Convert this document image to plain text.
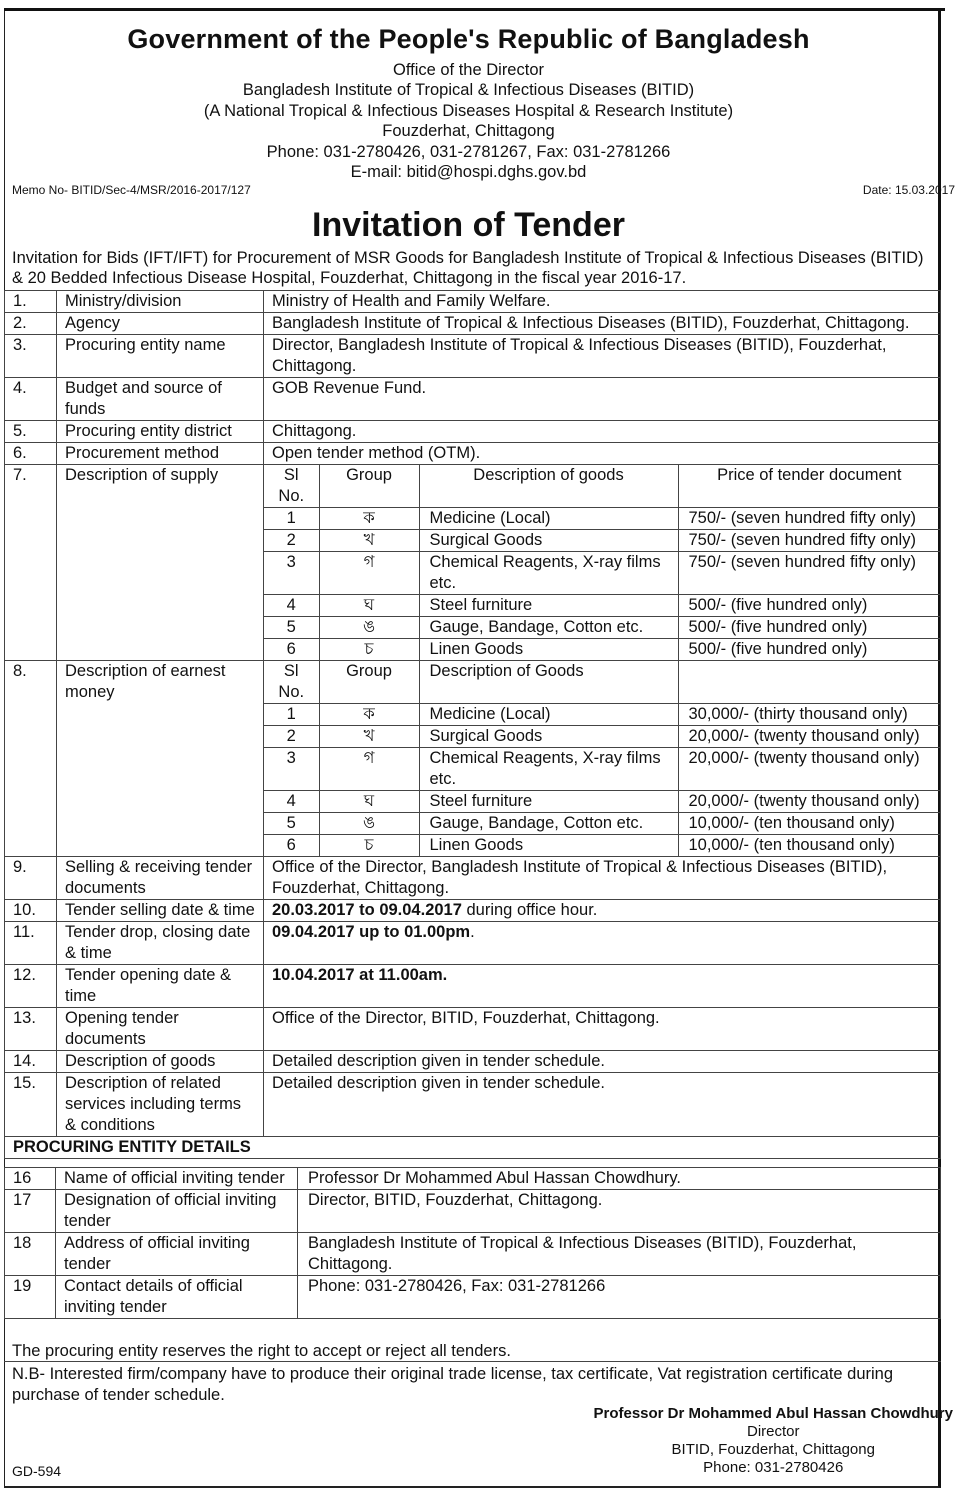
Government of the People's Republic of Bangladesh
Office of the Director
Bangladesh Institute of Tropical & Infectious Diseases (BITID)
(A National Tropical & Infectious Diseases Hospital & Research Institute)
Fouzderhat, Chittagong
Phone: 031-2780426, 031-2781267, Fax: 031-2781266
E-mail: bitid@hospi.dghs.gov.bd
Memo No- BITID/Sec-4/MSR/2016-2017/127	Date: 15.03.2017
Invitation of Tender
Invitation for Bids (IFT/IFT) for Procurement of MSR Goods for Bangladesh Institute of Tropical & Infectious Diseases (BITID) & 20 Bedded Infectious Disease Hospital, Fouzderhat, Chittagong in the fiscal year 2016-17.
1.	Ministry/division	Ministry of Health and Family Welfare.
2.	Agency	Bangladesh Institute of Tropical & Infectious Diseases (BITID), Fouzderhat, Chittagong.
3.	Procuring entity name	Director, Bangladesh Institute of Tropical & Infectious Diseases (BITID), Fouzderhat, Chittagong.
4.	Budget and source of funds	GOB Revenue Fund.
5.	Procuring entity district	Chittagong.
6.	Procurement method	Open tender method (OTM).
7.	Description of supply		Sl No.	Group	Description of goods	Price of tender document
1	ক	Medicine (Local)	750/- (seven hundred fifty only)
2	খ	Surgical Goods	750/- (seven hundred fifty only)
3	গ	Chemical Reagents, X-ray films etc.	750/- (seven hundred fifty only)
4	ঘ	Steel furniture	500/- (five hundred only)
5	ঙ	Gauge, Bandage, Cotton etc.	500/- (five hundred only)
6	চ	Linen Goods	500/- (five hundred only)

8.	Description of earnest money	
Sl No.	Group	Description of Goods	
1	ক	Medicine (Local)	30,000/- (thirty thousand only)
2	খ	Surgical Goods	20,000/- (twenty thousand only)
3	গ	Chemical Reagents, X-ray films etc.	20,000/- (twenty thousand only)
4	ঘ	Steel furniture	20,000/- (twenty thousand only)
5	ঙ	Gauge, Bandage, Cotton etc.	10,000/- (ten thousand only)
6	চ	Linen Goods	10,000/- (ten thousand only)

9.	Selling & receiving tender documents	Office of the Director, Bangladesh Institute of Tropical & Infectious Diseases (BITID), Fouzderhat, Chittagong.
10.	Tender selling date & time	20.03.2017 to 09.04.2017 during office hour.
11.	Tender drop, closing date & time	09.04.2017 up to 01.00pm.
12.	Tender opening date & time	10.04.2017 at 11.00am.
13.	Opening tender documents	Office of the Director, BITID, Fouzderhat, Chittagong.
14.	Description of goods	Detailed description given in tender schedule.
15.	Description of related services including terms & conditions	Detailed description given in tender schedule.
PROCURING ENTITY DETAILS
16	Name of official inviting tender	Professor Dr Mohammed Abul Hassan Chowdhury.
17	Designation of official inviting tender	Director, BITID, Fouzderhat, Chittagong.
18	Address of official inviting tender	Bangladesh Institute of Tropical & Infectious Diseases (BITID), Fouzderhat, Chittagong.
19	Contact details of official inviting tender	Phone: 031-2780426, Fax: 031-2781266
The procuring entity reserves the right to accept or reject all tenders.
N.B- Interested firm/company have to produce their original trade license, tax certificate, Vat registration certificate during purchase of tender schedule.
Professor Dr Mohammed Abul Hassan Chowdhury
Director
BITID, Fouzderhat, Chittagong
Phone: 031-2780426
GD-594
